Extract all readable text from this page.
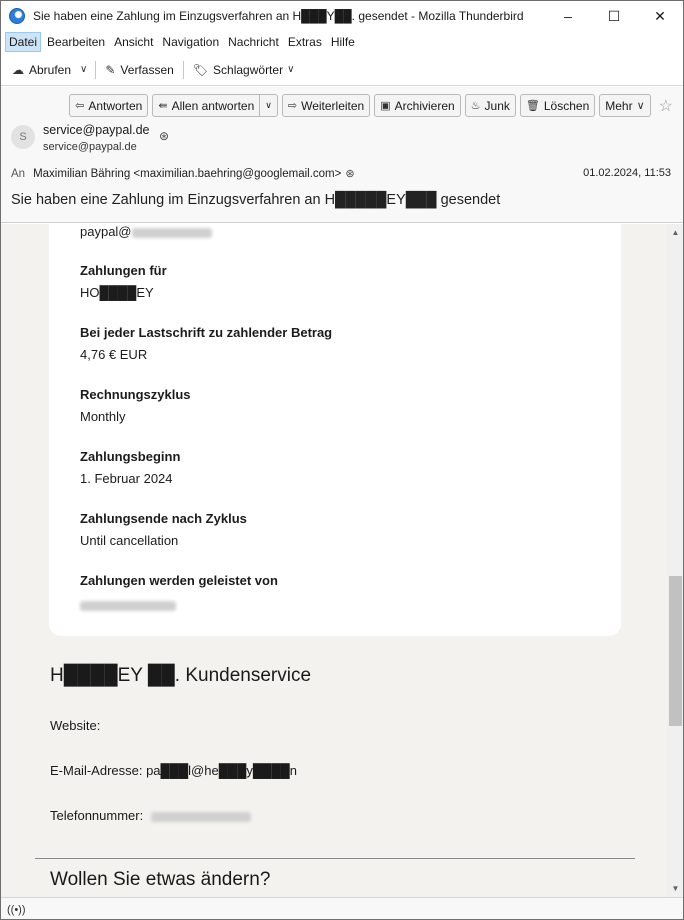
Sie haben eine Zahlung im Einzugsverfahren an H███Y██. gesendet - Mozilla Thunderbird	–	☐	✕
Datei Bearbeiten Ansicht Navigation Nachricht Extras Hilfe
☁ Abrufen ∨	✎ Verfassen 🏷 Schlagwörter ∨
⇦ Antworten ⇚ Allen antworten	∨	⇨ Weiterleiten ▣ Archivieren ♨ Junk 🗑 Löschen Mehr ∨ ☆
S	service@paypal.de ⊛
service@paypal.de
An Maximilian Bähring <maximilian.baehring@googlemail.com> ⊛	01.02.2024, 11:53
Sie haben eine Zahlung im Einzugsverfahren an H█████EY███ gesendet
paypal@
Zahlungen für
HO████EY
Bei jeder Lastschrift zu zahlender Betrag
4,76 € EUR
Rechnungszyklus
Monthly
Zahlungsbeginn
1. Februar 2024
Zahlungsende nach Zyklus
Until cancellation
Zahlungen werden geleistet von
H████EY ██. Kundenservice
Website:
E-Mail-Adresse: pa███l@he███y████n
Telefonnummer:
Wollen Sie etwas ändern?
▲
▼
((•))
